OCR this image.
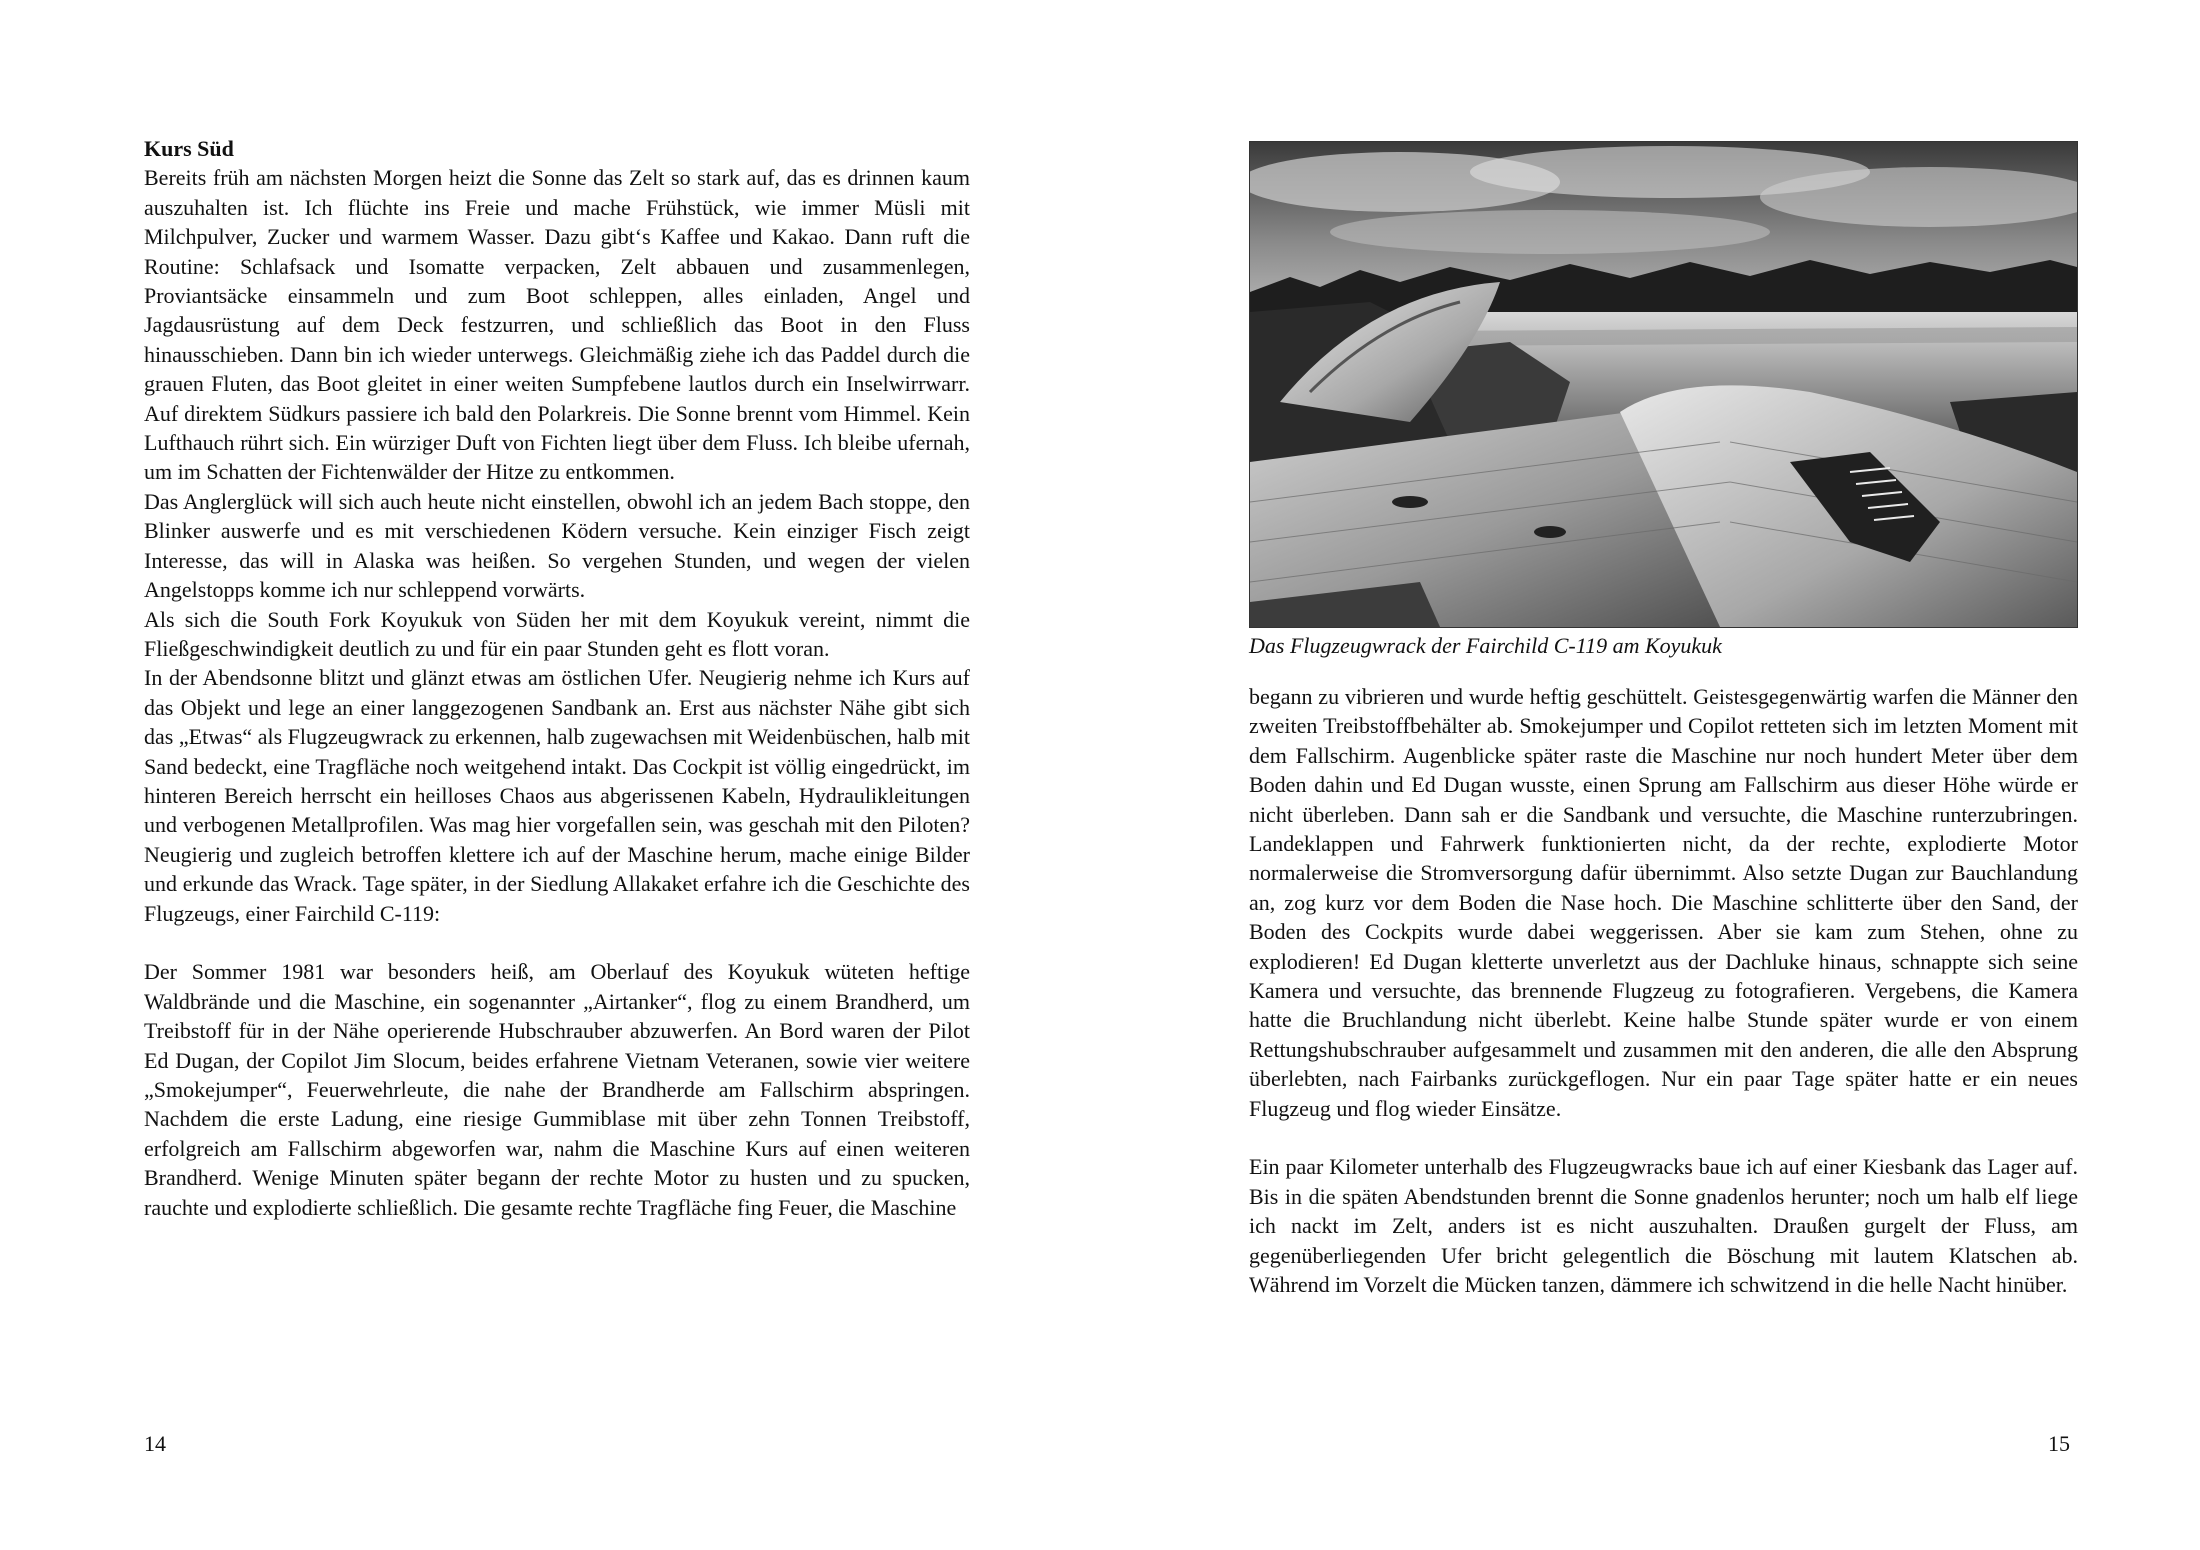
Kurs Süd

Bereits früh am nächsten Morgen heizt die Sonne das Zelt so stark auf, das es drinnen kaum auszuhalten ist. Ich flüchte ins Freie und mache Frühstück, wie immer Müsli mit Milchpulver, Zucker und warmem Wasser. Dazu gibt‘s Kaffee und Kakao. Dann ruft die Routine: Schlafsack und Isomatte verpacken, Zelt abbauen und zusammenlegen, Proviantsäcke einsammeln und zum Boot schleppen, alles einladen, Angel und Jagdausrüstung auf dem Deck festzurren, und schließlich das Boot in den Fluss hinausschieben. Dann bin ich wieder unterwegs. Gleichmäßig ziehe ich das Paddel durch die grauen Fluten, das Boot gleitet in einer weiten Sumpfebene lautlos durch ein Inselwirrwarr. Auf direktem Südkurs passiere ich bald den Polarkreis. Die Sonne brennt vom Himmel. Kein Lufthauch rührt sich. Ein würziger Duft von Fichten liegt über dem Fluss. Ich bleibe ufernah, um im Schatten der Fichtenwälder der Hitze zu entkommen.

Das Anglerglück will sich auch heute nicht einstellen, obwohl ich an jedem Bach stoppe, den Blinker auswerfe und es mit verschiedenen Ködern versuche. Kein einziger Fisch zeigt Interesse, das will in Alaska was heißen. So vergehen Stunden, und wegen der vielen Angelstopps komme ich nur schleppend vorwärts.

Als sich die South Fork Koyukuk von Süden her mit dem Koyukuk vereint, nimmt die Fließgeschwindigkeit deutlich zu und für ein paar Stunden geht es flott voran.

In der Abendsonne blitzt und glänzt etwas am östlichen Ufer. Neugierig nehme ich Kurs auf das Objekt und lege an einer langgezogenen Sandbank an. Erst aus nächster Nähe gibt sich das „Etwas“ als Flugzeugwrack zu erkennen, halb zugewachsen mit Weidenbüschen, halb mit Sand bedeckt, eine Tragfläche noch weitgehend intakt. Das Cockpit ist völlig eingedrückt, im hinteren Bereich herrscht ein heilloses Chaos aus abgerissenen Kabeln, Hydraulikleitungen und verbogenen Metallprofilen. Was mag hier vorgefallen sein, was geschah mit den Piloten? Neugierig und zugleich betroffen klettere ich auf der Maschine herum, mache einige Bilder und erkunde das Wrack. Tage später, in der Siedlung Allakaket erfahre ich die Geschichte des Flugzeugs, einer Fairchild C-119:

Der Sommer 1981 war besonders heiß, am Oberlauf des Koyukuk wüteten heftige Waldbrände und die Maschine, ein sogenannter „Airtanker“, flog zu einem Brandherd, um Treibstoff für in der Nähe operierende Hubschrauber abzuwerfen. An Bord waren der Pilot Ed Dugan, der Copilot Jim Slocum, beides erfahrene Vietnam Veteranen, sowie vier weitere „Smokejumper“, Feuerwehrleute, die nahe der Brandherde am Fallschirm abspringen. Nachdem die erste Ladung, eine riesige Gummiblase mit über zehn Tonnen Treibstoff, erfolgreich am Fallschirm abgeworfen war, nahm die Maschine Kurs auf einen weiteren Brandherd. Wenige Minuten später begann der rechte Motor zu husten und zu spucken, rauchte und explodierte schließlich. Die gesamte rechte Tragfläche fing Feuer, die Maschine

14
Das Flugzeugwrack der Fairchild C-119 am Koyukuk

begann zu vibrieren und wurde heftig geschüttelt. Geistesgegenwärtig warfen die Männer den zweiten Treibstoffbehälter ab. Smokejumper und Copilot retteten sich im letzten Moment mit dem Fallschirm. Augenblicke später raste die Maschine nur noch hundert Meter über dem Boden dahin und Ed Dugan wusste, einen Sprung am Fallschirm aus dieser Höhe würde er nicht überleben. Dann sah er die Sandbank und versuchte, die Maschine runterzubringen. Landeklappen und Fahrwerk funktionierten nicht, da der rechte, explodierte Motor normalerweise die Stromversorgung dafür übernimmt. Also setzte Dugan zur Bauchlandung an, zog kurz vor dem Boden die Nase hoch. Die Maschine schlitterte über den Sand, der Boden des Cockpits wurde dabei weggerissen. Aber sie kam zum Stehen, ohne zu explodieren! Ed Dugan kletterte unverletzt aus der Dachluke hinaus, schnappte sich seine Kamera und versuchte, das brennende Flugzeug zu fotografieren. Vergebens, die Kamera hatte die Bruchlandung nicht überlebt. Keine halbe Stunde später wurde er von einem Rettungshubschrauber aufgesammelt und zusammen mit den anderen, die alle den Absprung überlebten, nach Fairbanks zurückgeflogen. Nur ein paar Tage später hatte er ein neues Flugzeug und flog wieder Einsätze.

Ein paar Kilometer unterhalb des Flugzeugwracks baue ich auf einer Kiesbank das Lager auf. Bis in die späten Abendstunden brennt die Sonne gnadenlos herunter; noch um halb elf liege ich nackt im Zelt, anders ist es nicht auszuhalten. Draußen gurgelt der Fluss, am gegenüberliegenden Ufer bricht gelegentlich die Böschung mit lautem Klatschen ab. Während im Vorzelt die Mücken tanzen, dämmere ich schwitzend in die helle Nacht hinüber.

15
